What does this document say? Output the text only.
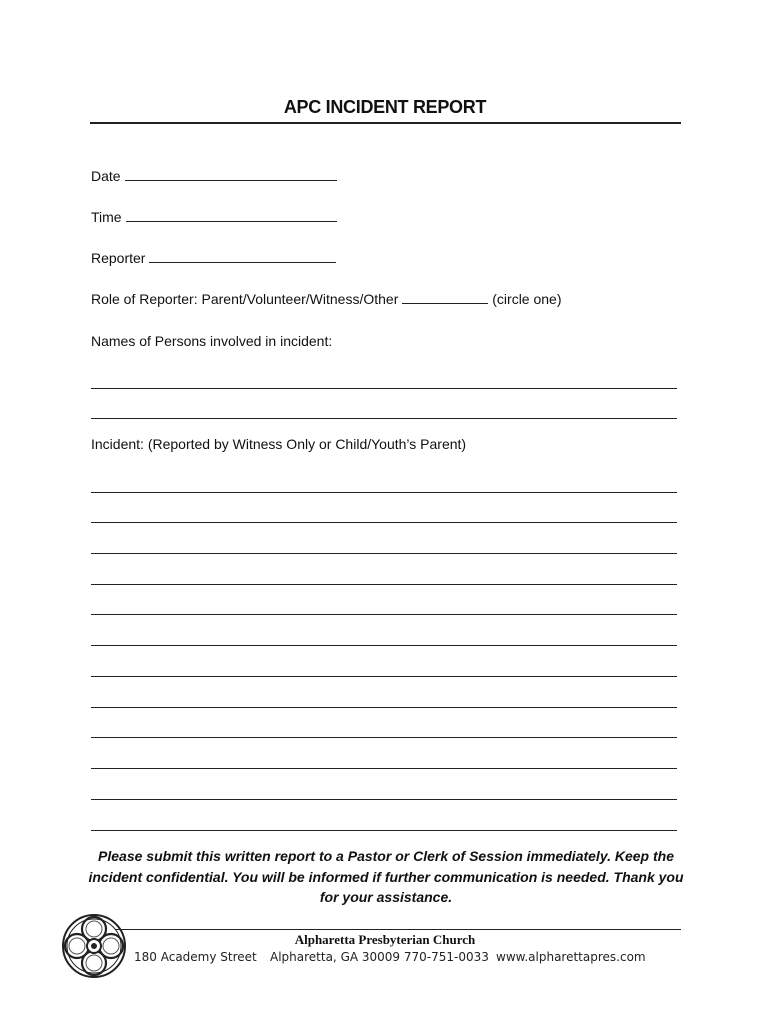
APC INCIDENT REPORT
Date
Time
Reporter
Role of Reporter: Parent/Volunteer/Witness/Other	(circle one)
Names of Persons involved in incident:
Incident: (Reported by Witness Only or Child/Youth’s Parent)
Please submit this written report to a Pastor or Clerk of Session immediately. Keep the incident confidential. You will be informed if further communication is needed. Thank you for your assistance.
Alpharetta Presbyterian Church
180 Academy Street Alpharetta, GA 30009 770-751-0033 www.alpharettapres.com
